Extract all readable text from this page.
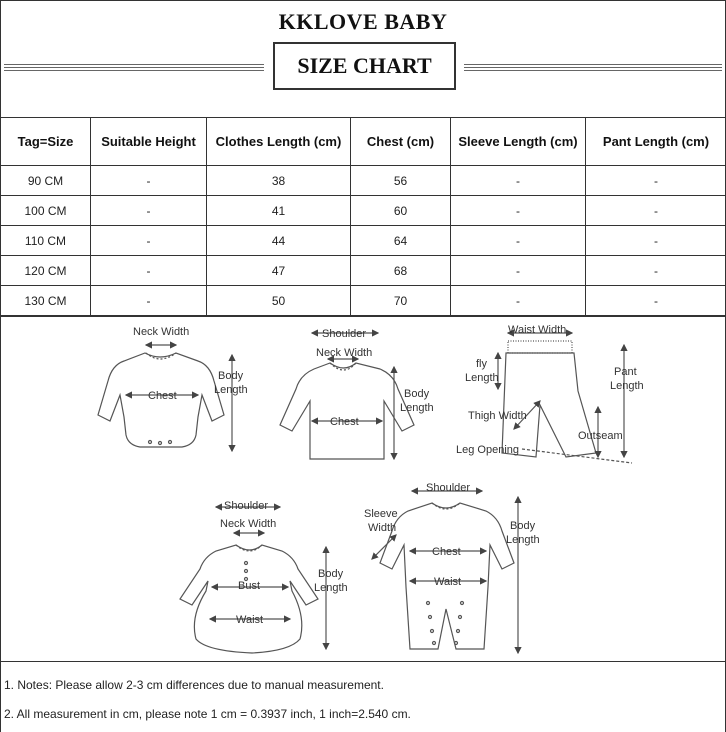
KKLOVE BABY
SIZE CHART
Tag=Size	Suitable Height	Clothes Length (cm)	Chest (cm)	Sleeve Length (cm)	Pant Length (cm)
90 CM	-	38	56	-	-
100 CM	-	41	60	-	-
110 CM	-	44	64	-	-
120 CM	-	47	68	-	-
130 CM	-	50	70	-	-
Neck Width
Chest
Body
Length
Shoulder
Neck Width
Chest
Body
Length
Waist Width
fly
Length	Pant
Length
Thigh Width
Outseam
Leg Opening
Shoulder
Neck Width
Bust
Waist
Body
Length
Shoulder
Sleeve
Width
Chest
Waist
Body
Length
1. Notes: Please allow 2-3 cm differences due to manual measurement.
2. All measurement in cm, please note 1 cm = 0.3937 inch, 1 inch=2.540 cm.
